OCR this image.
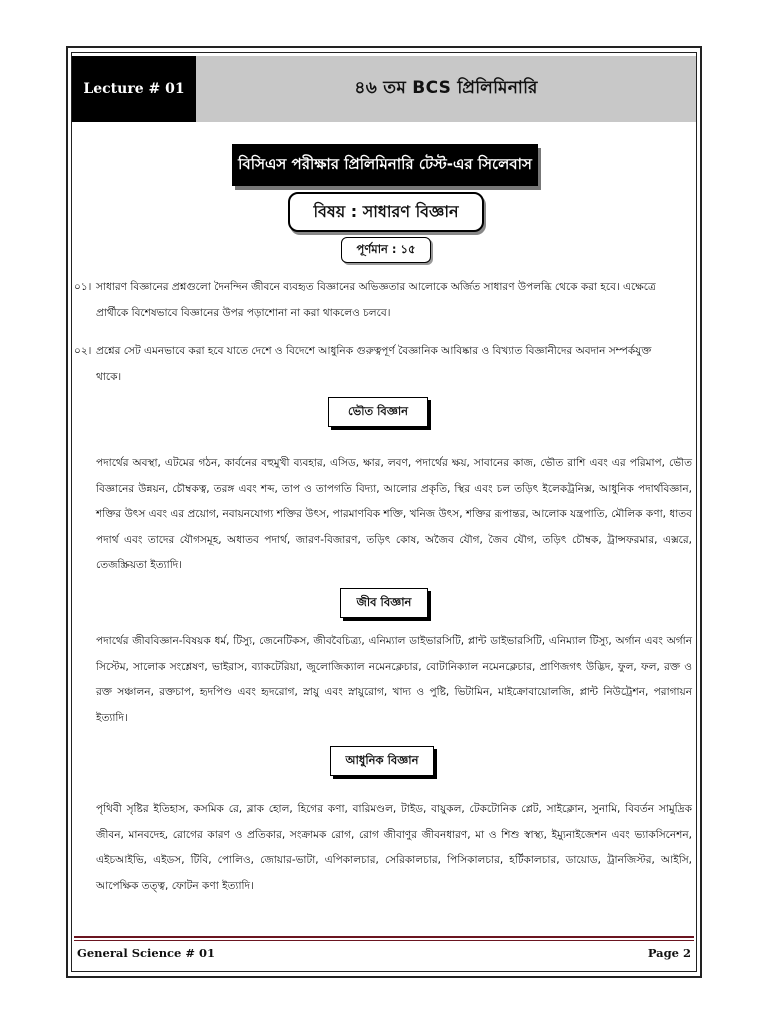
Lecture # 01	৪৬ তম BCS প্রিলিমিনারি
বিসিএস পরীক্ষার প্রিলিমিনারি টেস্ট-এর সিলেবাস
বিষয় : সাধারণ বিজ্ঞান
পূর্ণমান : ১৫
০১। সাধারণ বিজ্ঞানের প্রশ্নগুলো দৈনন্দিন জীবনে ব্যবহৃত বিজ্ঞানের অভিজ্ঞতার আলোকে অর্জিত সাধারণ উপলব্ধি থেকে করা হবে। এক্ষেত্রে
প্রার্থীকে বিশেষভাবে বিজ্ঞানের উপর পড়াশোনা না করা থাকলেও চলবে।
০২। প্রশ্নের সেট এমনভাবে করা হবে যাতে দেশে ও বিদেশে আধুনিক গুরুত্বপূর্ণ বৈজ্ঞানিক আবিষ্কার ও বিখ্যাত বিজ্ঞানীদের অবদান সম্পর্কযুক্ত
থাকে।
ভৌত বিজ্ঞান
পদার্থের অবস্থা, এটমের গঠন, কার্বনের বহুমুখী ব্যবহার, এসিড, ক্ষার, লবণ, পদার্থের ক্ষয়, সাবানের কাজ, ভৌত রাশি এবং এর পরিমাপ, ভৌত বিজ্ঞানের উন্নয়ন, চৌম্বকত্ব, তরঙ্গ এবং শব্দ, তাপ ও তাপগতি বিদ্যা, আলোর প্রকৃতি, স্থির এবং চল তড়িৎ ইলেকট্রনিক্স, আধুনিক পদার্থবিজ্ঞান, শক্তির উৎস এবং এর প্রয়োগ, নবায়নযোগ্য শক্তির উৎস, পারমাণবিক শক্তি, খনিজ উৎস, শক্তির রূপান্তর, আলোক যন্ত্রপাতি, মৌলিক কণা, ধাতব পদার্থ এবং তাদের যৌগসমূহ, অধাতব পদার্থ, জারণ-বিজারণ, তড়িৎ কোষ, অজৈব যৌগ, জৈব যৌগ, তড়িৎ চৌম্বক, ট্রান্সফরমার, এক্সরে, তেজস্ক্রিয়তা ইত্যাদি।
জীব বিজ্ঞান
পদার্থের জীববিজ্ঞান-বিষয়ক ধর্ম, টিস্যু, জেনেটিকস, জীববৈচিত্র্য, এনিম্যাল ডাইভারসিটি, প্লান্ট ডাইভারসিটি, এনিম্যাল টিস্যু, অর্গান এবং অর্গান সিস্টেম, সালোক সংশ্লেষণ, ভাইরাস, ব্যাকটেরিয়া, জুলোজিক্যাল নমেনক্লেচার, বোটানিক্যাল নমেনক্লেচার, প্রাণিজগৎ উদ্ভিদ, ফুল, ফল, রক্ত ও রক্ত সঞ্চালন, রক্তচাপ, হৃদপিণ্ড এবং হৃদরোগ, স্নায়ু এবং স্নায়ুরোগ, খাদ্য ও পুষ্টি, ভিটামিন, মাইক্রোবায়োলজি, প্লান্ট নিউট্রেশন, পরাগায়ন ইত্যাদি।
আধুনিক বিজ্ঞান
পৃথিবী সৃষ্টির ইতিহাস, কসমিক রে, ব্লাক হোল, হিগের কণা, বারিমণ্ডল, টাইড, বায়ুকল, টেকটোনিক প্লেট, সাইক্লোন, সুনামি, বিবর্তন সামুদ্রিক জীবন, মানবদেহ, রোগের কারণ ও প্রতিকার, সংক্রামক রোগ, রোগ জীবাণুর জীবনধারণ, মা ও শিশু স্বাস্থ্য, ইম্যুনাইজেশন এবং ভ্যাকসিনেশন, এইচআইভি, এইডস, টিবি, পোলিও, জোয়ার-ভাটা, এপিকালচার, সেরিকালচার, পিসিকালচার, হর্টিকালচার, ডায়োড, ট্রানজিস্টর, আইসি, আপেক্ষিক তত্ত্ব, ফোটন কণা ইত্যাদি।
General Science # 01	Page 2
